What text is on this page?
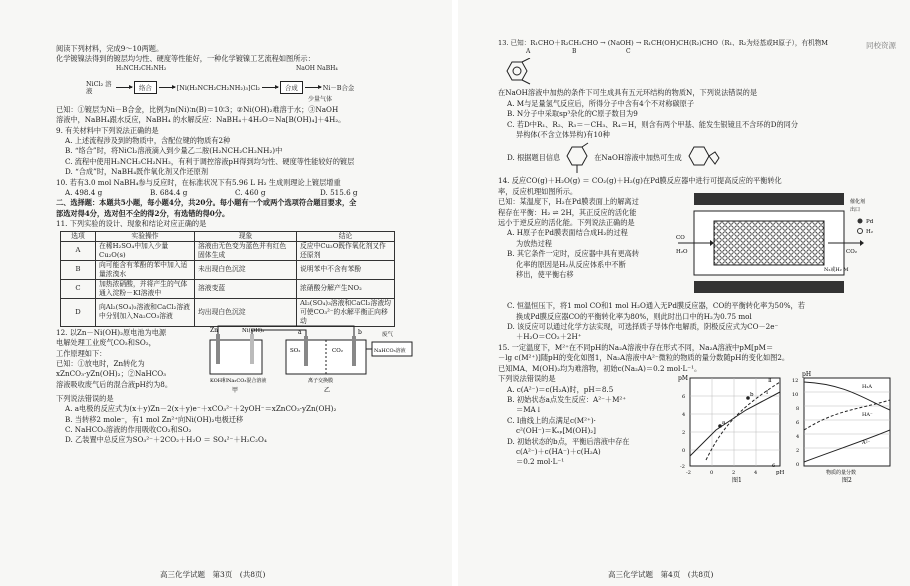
阅读下列材料，完成9～10两题。
化学镀镍法得到的镀层均匀性、硬度等性能好，一种化学镀镍工艺流程如图所示：
H₂NCH₂CH₂NH₂	NaOH NaBH₄
NiCl₂ 溶液	络合	[Ni(H₂NCH₂CH₂NH₂)₃]Cl₂	合成	Ni－B合金
少量气体
已知：①镀层为Ni－B合金，比例为n(Ni)∶n(B)＝10∶3；②Ni(OH)₂难溶于水；③NaOH
溶液中，NaBH₄跟水反应，NaBH₄ 的水解反应：NaBH₄＋4H₂O＝Na[B(OH)₄]＋4H₂。
9. 有关材料中下列说法正确的是
A. 上述流程涉及到的物质中，含配位键的物质有2种
B. “络合”时，将NiCl₂溶液滴入到少量乙二胺(H₂NCH₂CH₂NH₂)中
C. 流程中使用H₂NCH₂CH₂NH₂，有利于调控溶液pH得到均匀性、硬度等性能较好的镀层
D. “合成”时，NaBH₄既作氧化剂又作还原剂
10. 若有3.0 mol NaBH₄参与反应时，在标准状况下有5.96 L H₂ 生成则理论上镀层增重
A. 498.4 g	B. 684.4 g	C. 460 g	D. 515.6 g
二、选择题：本题共5小题，每小题4分，共20分。每小题有一个或两个选项符合题目要求，全
部选对得4分，选对但不全的得2分，有选错的得0分。
11. 下列实验的设计、现象和结论对应正确的是
选项	实验操作	现象	结论
A	在稀H₂SO₄中加入少量Cu₂O(s)	溶液由无色变为蓝色并有红色固体生成	反应中Cu₂O既作氧化剂又作还原剂
B	向可能含有苯酚的苯中加入适量浓溴水	未出现白色沉淀	说明苯中不含有苯酚
C	加热浓硝酸，并将产生的气体通入淀粉－KI溶液中	溶液变蓝	浓硝酸分解产生NO₂
D	向Al₂(SO₄)₃溶液和CaCl₂溶液中分别加入Na₂CO₃溶液	均出现白色沉淀	Al₂(SO₄)₃溶液和CaCl₂溶液均可使CO₃²⁻的水解平衡正向移动
12. 以Zn－Ni(OH)₂原电池为电源
电解处理工业废气CO₂和SO₂，
工作原理如下：
已知：①放电时，Zn转化为
xZnCO₃·yZn(OH)₂；②NaHCO₃
溶液吸收废气后的混合液pH约为8。
Zn	Ni(OH)₂	a	b
KOH和Na₂CO₃混合溶液
NaHCO₃溶液
废气
SO₂	CO₂
离子交换膜
甲	乙
下列说法错误的是
A. a电极的反应式为(x＋y)Zn－2(x＋y)e⁻＋xCO₃²⁻＋2yOH⁻＝xZnCO₃·yZn(OH)₂
B. 当转移2 mole⁻，有1 mol Zn²⁺向Ni(OH)₂电极迁移
C. NaHCO₃溶液的作用吸收CO₂和SO₂
D. 乙装置中总反应为SO₃²⁻＋2CO₂＋H₂O ＝ SO₄²⁻＋H₂C₂O₄
高三化学试题　第3页　(共8页)
同校资源
13. 已知：R₁CHO＋R₂CH₂CHO → (NaOH) → R₁CH(OH)CH(R₂)CHO（R₁、R₂为烃基或H原子），有机物M
A	B	C
在NaOH溶液中加热的条件下可生成具有五元环结构的物质N，下列说法错误的是
A. M与足量氢气反应后，所得分子中含有4个不对称碳原子
B. N分子中采取sp³杂化的C原子数目为9
C. 若D中R₁、R₂、R₃＝－CH₃、R₄＝H，则含有两个甲基、能发生银镜且不含环的D的同分
异构体(不含立体异构)有10种
D. 根据题目信息	在NaOH溶液中加热可生成
14. 反应CO(g)＋H₂O(g) ＝ CO₂(g)＋H₂(g)在Pd膜反应器中进行可提高反应的平衡转化
率，反应机理如图所示。
已知：某温度下，H₂在Pd膜表面上的解离过
程存在平衡：H₂ ⇌ 2H，其正反应的活化能
远小于逆反应的活化能。下列说法正确的是
A. H原子在Pd膜表面结合成H₂的过程
为放热过程
B. 其它条件一定时，反应器中具有更高转
化率的原因是H₂从反应体系中不断
移出，使平衡右移
CO
H₂O	CO₂
Pd
H₂
N₂或H₂ M
催化剂
出口
C. 恒温恒压下，将1 mol CO和1 mol H₂O通入无Pd膜反应器，CO的平衡转化率为50%，若
换成Pd膜反应器CO的平衡转化率为80%，则此时出口中的H₂为0.75 mol
D. 该反应可以通过化学方法实现，可选择质子导体作电解质，阴极反应式为CO－2e⁻
＋H₂O＝CO₂＋2H⁺
15. 一定温度下，M²⁺在不同pH的Na₂A溶液中存在形式不同，Na₂A溶液中pM[pM＝
－lg c(M²⁺)]随pH的变化如图1，Na₂A溶液中A²⁻微粒的物质的量分数随pH的变化如图2。
已知MA、M(OH)₂均为难溶物，初始c(Na₂A)＝0.2 mol·L⁻¹。
下列说法错误的是
A. c(A²⁻)＝c(H₂A)时，pH＝8.5
B. 初始状态a点发生反应：A²⁻＋M²⁺
＝MA↓
C. Ⅰ曲线上的点满足c(M²⁺)·
c²(OH⁻)＝Kₛₚ[M(OH)₂]
D. 初始状态的b点，平衡后溶液中存在
c(A²⁻)＋c(HA⁻)＋c(H₂A)
＝0.2 mol·L⁻¹
pM
图1
pH
a
b Ⅰ
Ⅱ
6
4
2
0
-2
-2	0	2	4
6
pH
图2
物质的量分数
H₂A
HA⁻
A²⁻
12
10
8
6
4
2
0
高三化学试题　第4页　(共8页)
